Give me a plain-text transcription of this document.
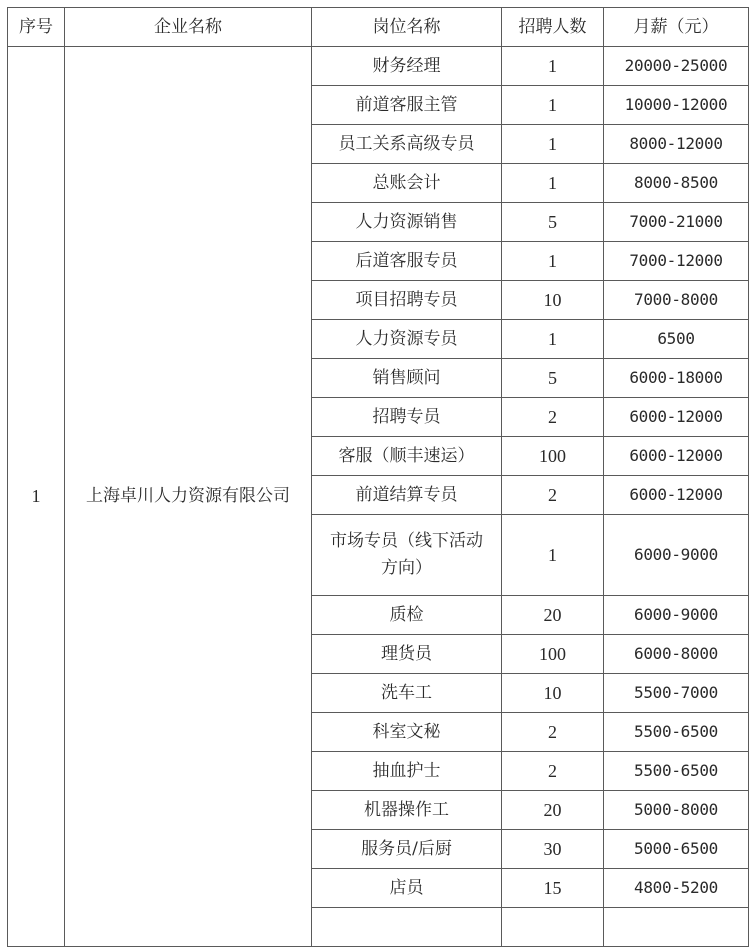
序号	企业名称	岗位名称	招聘人数	月薪（元）
1	上海卓川人力资源有限公司	财务经理	1	20000-25000
		前道客服主管	1	10000-12000
		员工关系高级专员	1	8000-12000
		总账会计	1	8000-8500
		人力资源销售	5	7000-21000
		后道客服专员	1	7000-12000
		项目招聘专员	10	7000-8000
		人力资源专员	1	6500
		销售顾问	5	6000-18000
		招聘专员	2	6000-12000
		客服（顺丰速运）	100	6000-12000
		前道结算专员	2	6000-12000
		市场专员（线下活动方向）	1	6000-9000
		质检	20	6000-9000
		理货员	100	6000-8000
		洗车工	10	5500-7000
		科室文秘	2	5500-6500
		抽血护士	2	5500-6500
		机器操作工	20	5000-8000
		服务员/后厨	30	5000-6500
		店员	15	4800-5200
